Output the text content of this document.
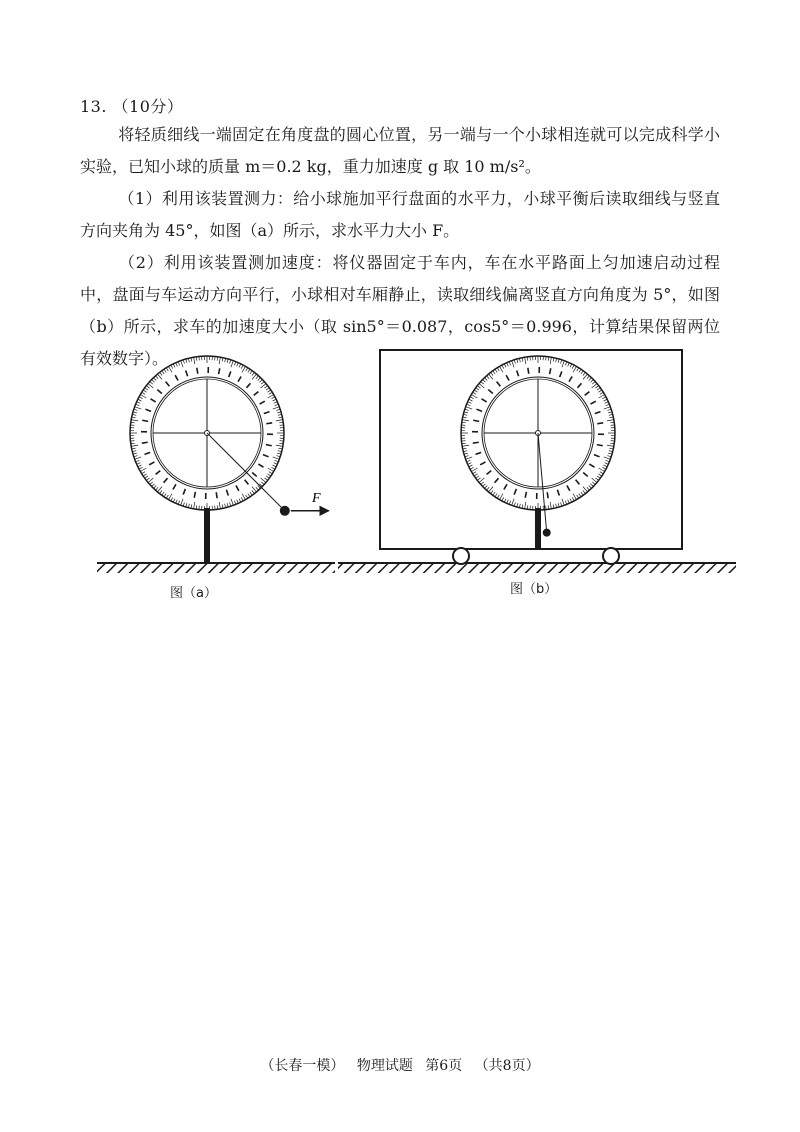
13. （10分）
将轻质细线一端固定在角度盘的圆心位置，另一端与一个小球相连就可以完成科学小实验，已知小球的质量 m＝0.2 kg，重力加速度 g 取 10 m/s²。
（1）利用该装置测力：给小球施加平行盘面的水平力，小球平衡后读取细线与竖直方向夹角为 45°，如图（a）所示，求水平力大小 F。
（2）利用该装置测加速度：将仪器固定于车内，车在水平路面上匀加速启动过程中，盘面与车运动方向平行，小球相对车厢静止，读取细线偏离竖直方向角度为 5°，如图（b）所示，求车的加速度大小（取 sin5°＝0.087，cos5°＝0.996，计算结果保留两位有效数字）。
F
图（a）	图（b）
（长春一模） 物理试题 第6页 （共8页）
